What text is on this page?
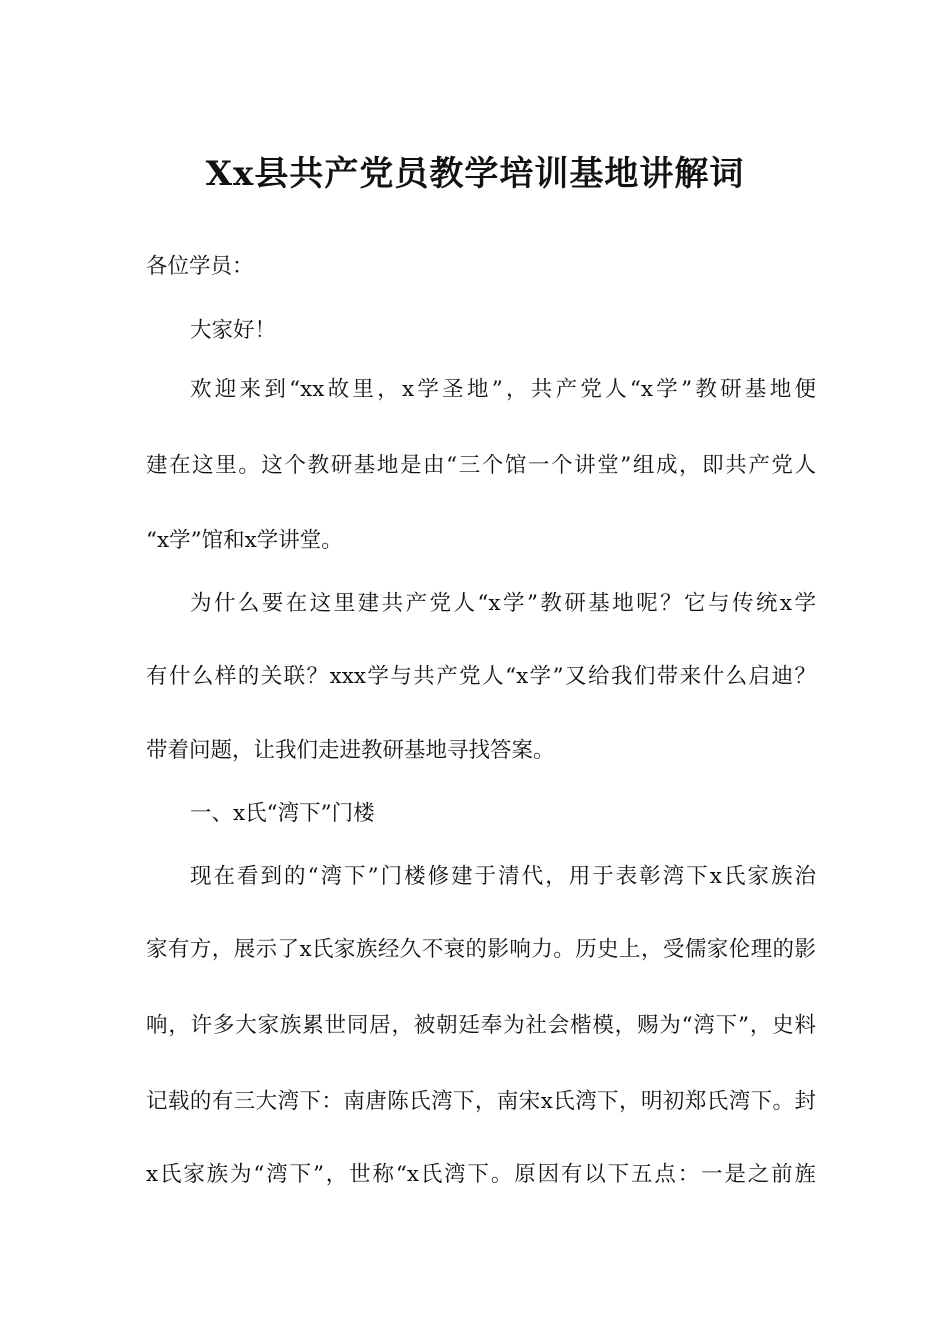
Xx县共产党员教学培训基地讲解词
各位学员：
大家好！
欢迎来到“xx故里，x学圣地”，共产党人“x学”教研基地便
建在这里。这个教研基地是由“三个馆一个讲堂”组成，即共产党人
“x学”馆和x学讲堂。
为什么要在这里建共产党人“x学”教研基地呢？它与传统x学
有什么样的关联？xxx学与共产党人“x学”又给我们带来什么启迪？
带着问题，让我们走进教研基地寻找答案。
一、x氏“湾下”门楼
现在看到的“湾下”门楼修建于清代，用于表彰湾下x氏家族治
家有方，展示了x氏家族经久不衰的影响力。历史上，受儒家伦理的影
响，许多大家族累世同居，被朝廷奉为社会楷模，赐为“湾下”，史料
记载的有三大湾下：南唐陈氏湾下，南宋x氏湾下，明初郑氏湾下。封
x氏家族为“湾下”，世称“x氏湾下。原因有以下五点：一是之前旌
